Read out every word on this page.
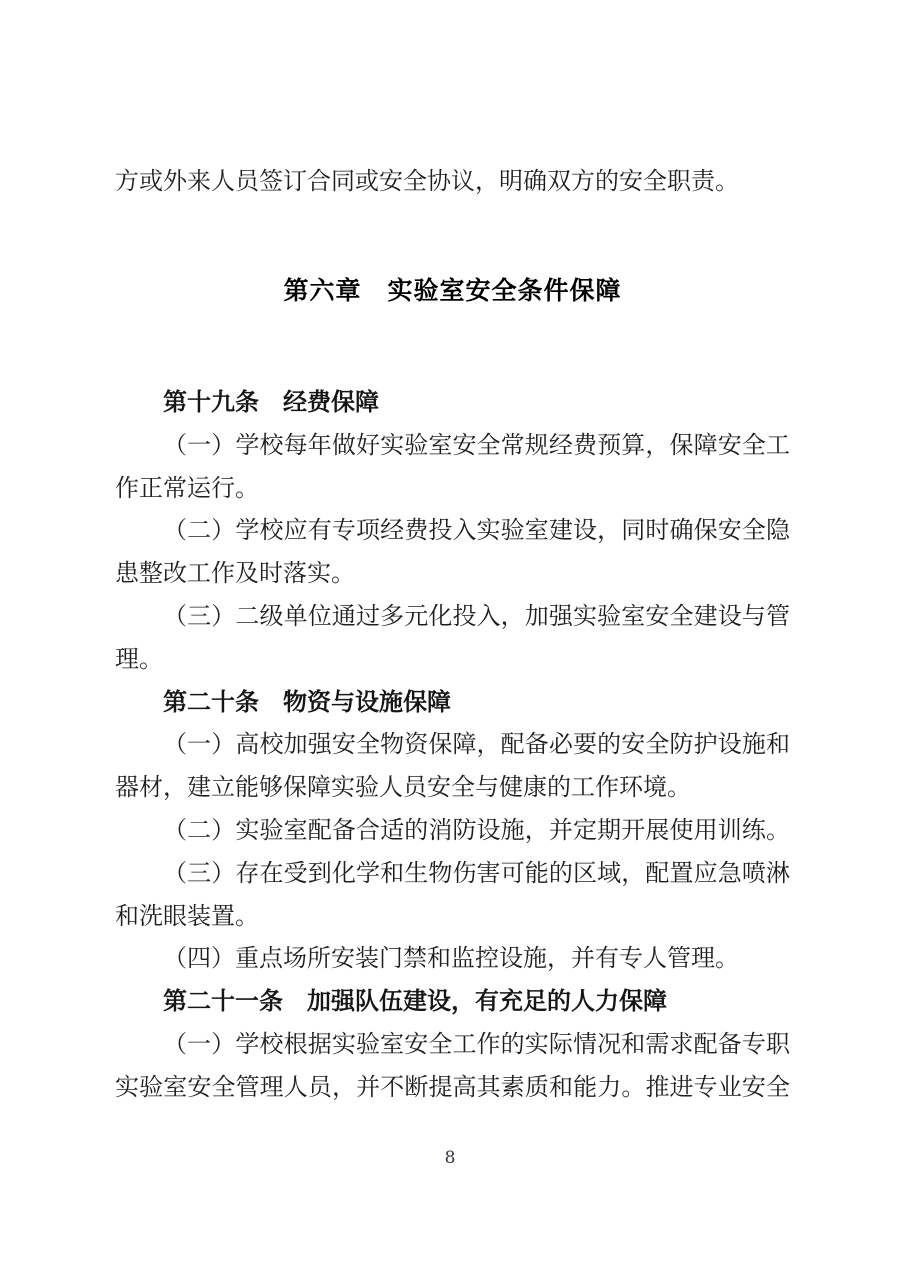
方或外来人员签订合同或安全协议，明确双方的安全职责。
第六章　实验室安全条件保障
第十九条　经费保障
（一）学校每年做好实验室安全常规经费预算，保障安全工
作正常运行。
（二）学校应有专项经费投入实验室建设，同时确保安全隐
患整改工作及时落实。
（三）二级单位通过多元化投入，加强实验室安全建设与管
理。
第二十条　物资与设施保障
（一）高校加强安全物资保障，配备必要的安全防护设施和
器材，建立能够保障实验人员安全与健康的工作环境。
（二）实验室配备合适的消防设施，并定期开展使用训练。
（三）存在受到化学和生物伤害可能的区域，配置应急喷淋
和洗眼装置。
（四）重点场所安装门禁和监控设施，并有专人管理。
第二十一条　加强队伍建设，有充足的人力保障
（一）学校根据实验室安全工作的实际情况和需求配备专职
实验室安全管理人员，并不断提高其素质和能力。推进专业安全
8
